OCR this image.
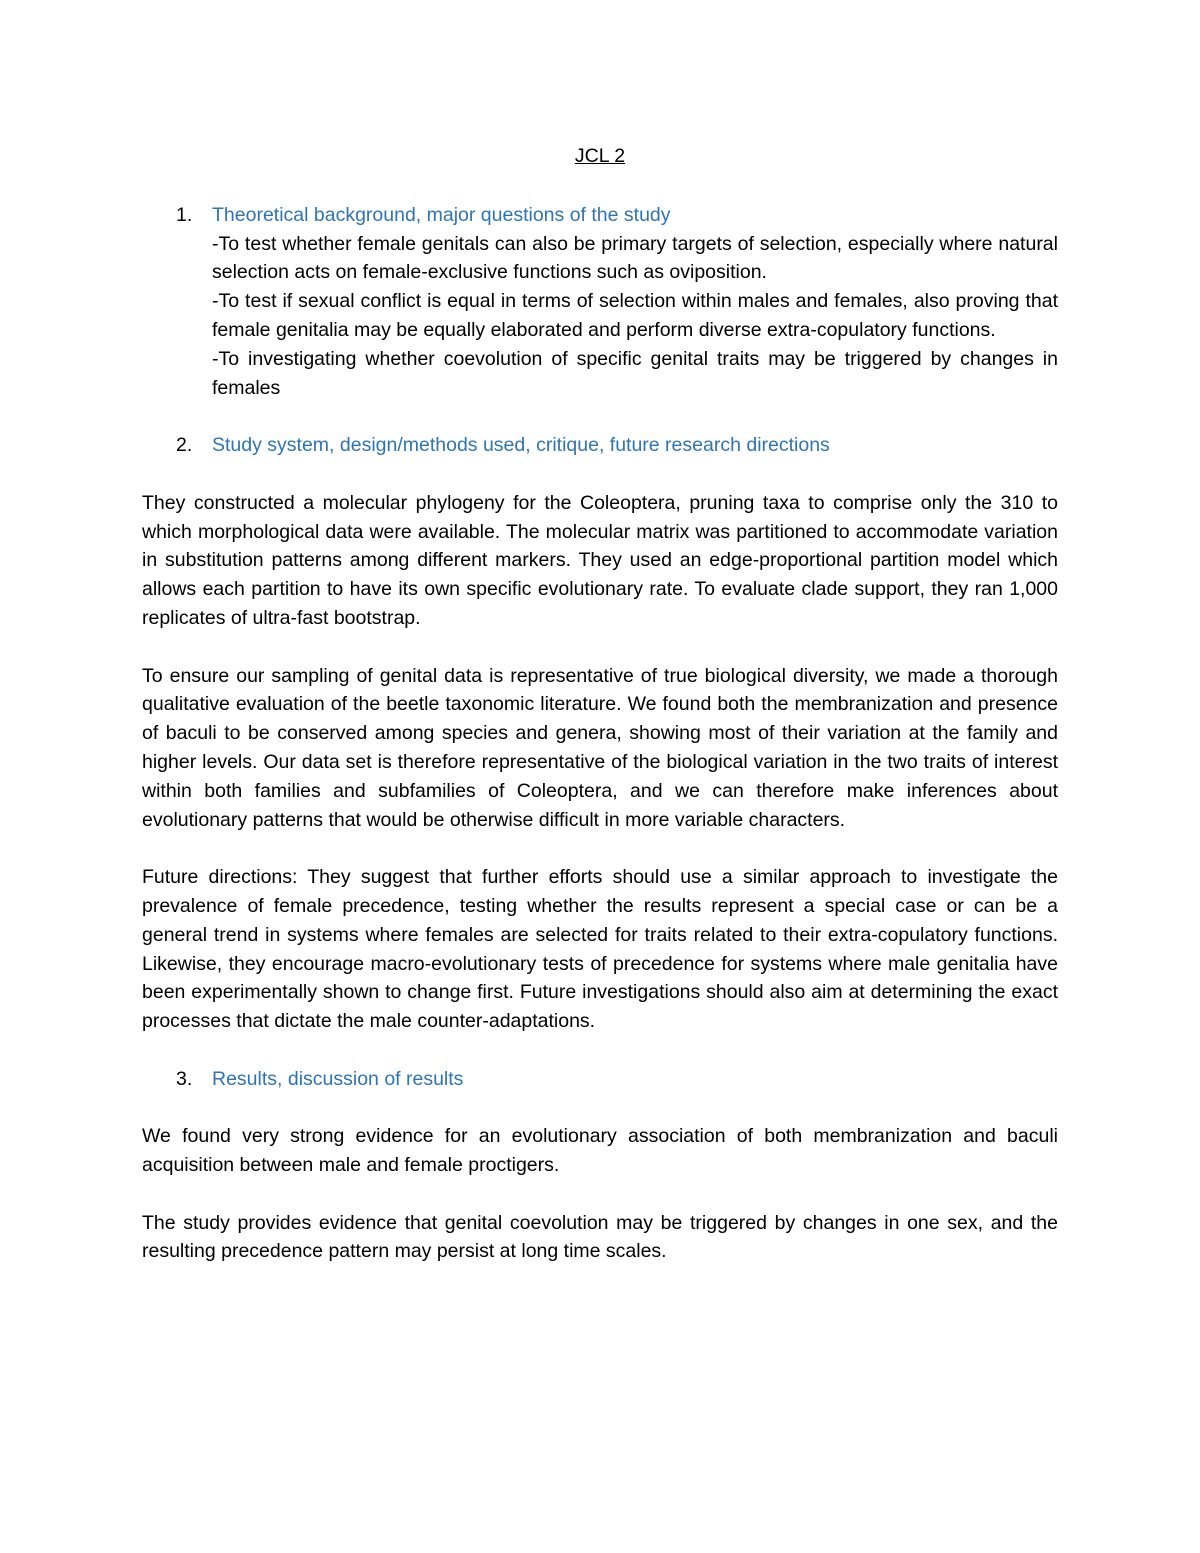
JCL 2
1.	Theoretical background, major questions of the study

-To test whether female genitals can also be primary targets of selection, especially where natural selection acts on female-exclusive functions such as oviposition.

-To test if sexual conflict is equal in terms of selection within males and females, also proving that female genitalia may be equally elaborated and perform diverse extra-copulatory functions.

-To investigating whether coevolution of specific genital traits may be triggered by changes in females

2.	Study system, design/methods used, critique, future research directions

They constructed a molecular phylogeny for the Coleoptera, pruning taxa to comprise only the 310 to which morphological data were available. The molecular matrix was partitioned to accommodate variation in substitution patterns among different markers. They used an edge-proportional partition model which allows each partition to have its own specific evolutionary rate. To evaluate clade support, they ran 1,000 replicates of ultra-fast bootstrap.

To ensure our sampling of genital data is representative of true biological diversity, we made a thorough qualitative evaluation of the beetle taxonomic literature. We found both the membranization and presence of baculi to be conserved among species and genera, showing most of their variation at the family and higher levels. Our data set is therefore representative of the biological variation in the two traits of interest within both families and subfamilies of Coleoptera, and we can therefore make inferences about evolutionary patterns that would be otherwise difficult in more variable characters.

Future directions: They suggest that further efforts should use a similar approach to investigate the prevalence of female precedence, testing whether the results represent a special case or can be a general trend in systems where females are selected for traits related to their extra-copulatory functions. Likewise, they encourage macro-evolutionary tests of precedence for systems where male genitalia have been experimentally shown to change first. Future investigations should also aim at determining the exact processes that dictate the male counter-adaptations.

3.	Results, discussion of results

We found very strong evidence for an evolutionary association of both membranization and baculi acquisition between male and female proctigers.

The study provides evidence that genital coevolution may be triggered by changes in one sex, and the resulting precedence pattern may persist at long time scales.
